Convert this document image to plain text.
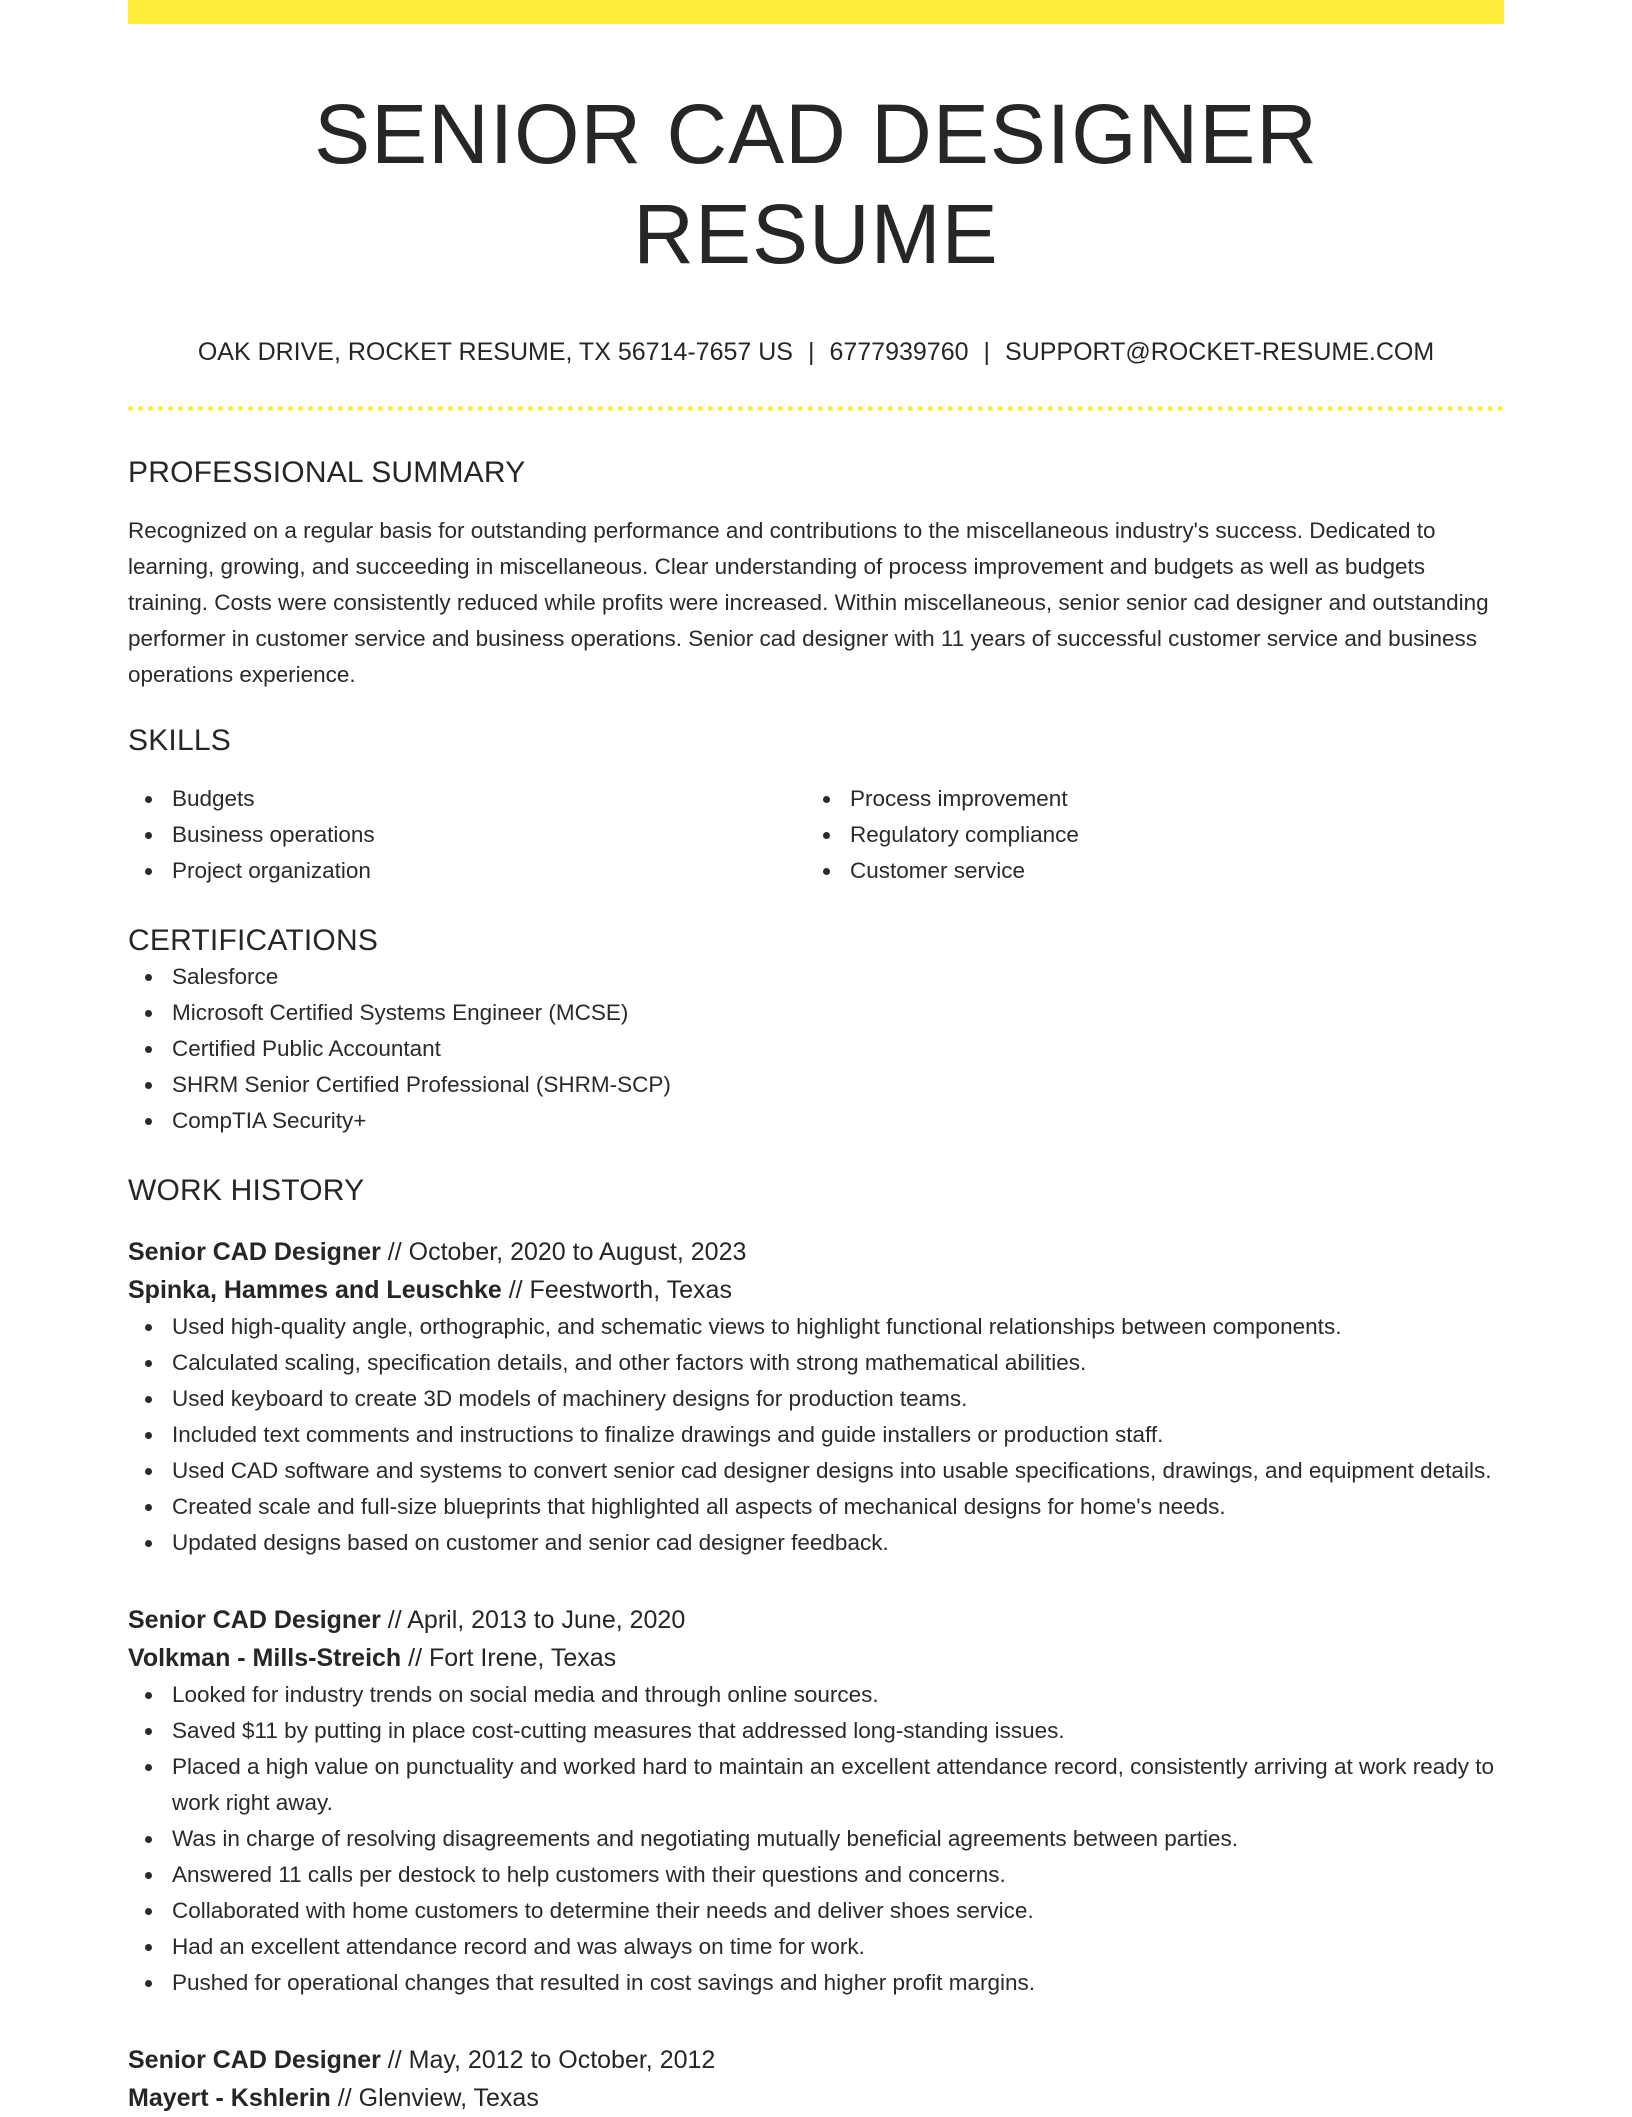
SENIOR CAD DESIGNER RESUME
OAK DRIVE, ROCKET RESUME, TX 56714-7657 US | 6777939760 | SUPPORT@ROCKET-RESUME.COM
PROFESSIONAL SUMMARY
Recognized on a regular basis for outstanding performance and contributions to the miscellaneous industry's success. Dedicated to learning, growing, and succeeding in miscellaneous. Clear understanding of process improvement and budgets as well as budgets training. Costs were consistently reduced while profits were increased. Within miscellaneous, senior senior cad designer and outstanding performer in customer service and business operations. Senior cad designer with 11 years of successful customer service and business operations experience.
SKILLS
Budgets
Business operations
Project organization
Process improvement
Regulatory compliance
Customer service
CERTIFICATIONS
Salesforce
Microsoft Certified Systems Engineer (MCSE)
Certified Public Accountant
SHRM Senior Certified Professional (SHRM-SCP)
CompTIA Security+
WORK HISTORY
Senior CAD Designer // October, 2020 to August, 2023
Spinka, Hammes and Leuschke // Feestworth, Texas
Used high-quality angle, orthographic, and schematic views to highlight functional relationships between components.
Calculated scaling, specification details, and other factors with strong mathematical abilities.
Used keyboard to create 3D models of machinery designs for production teams.
Included text comments and instructions to finalize drawings and guide installers or production staff.
Used CAD software and systems to convert senior cad designer designs into usable specifications, drawings, and equipment details.
Created scale and full-size blueprints that highlighted all aspects of mechanical designs for home's needs.
Updated designs based on customer and senior cad designer feedback.
Senior CAD Designer // April, 2013 to June, 2020
Volkman - Mills-Streich // Fort Irene, Texas
Looked for industry trends on social media and through online sources.
Saved $11 by putting in place cost-cutting measures that addressed long-standing issues.
Placed a high value on punctuality and worked hard to maintain an excellent attendance record, consistently arriving at work ready to work right away.
Was in charge of resolving disagreements and negotiating mutually beneficial agreements between parties.
Answered 11 calls per destock to help customers with their questions and concerns.
Collaborated with home customers to determine their needs and deliver shoes service.
Had an excellent attendance record and was always on time for work.
Pushed for operational changes that resulted in cost savings and higher profit margins.
Senior CAD Designer // May, 2012 to October, 2012
Mayert - Kshlerin // Glenview, Texas
